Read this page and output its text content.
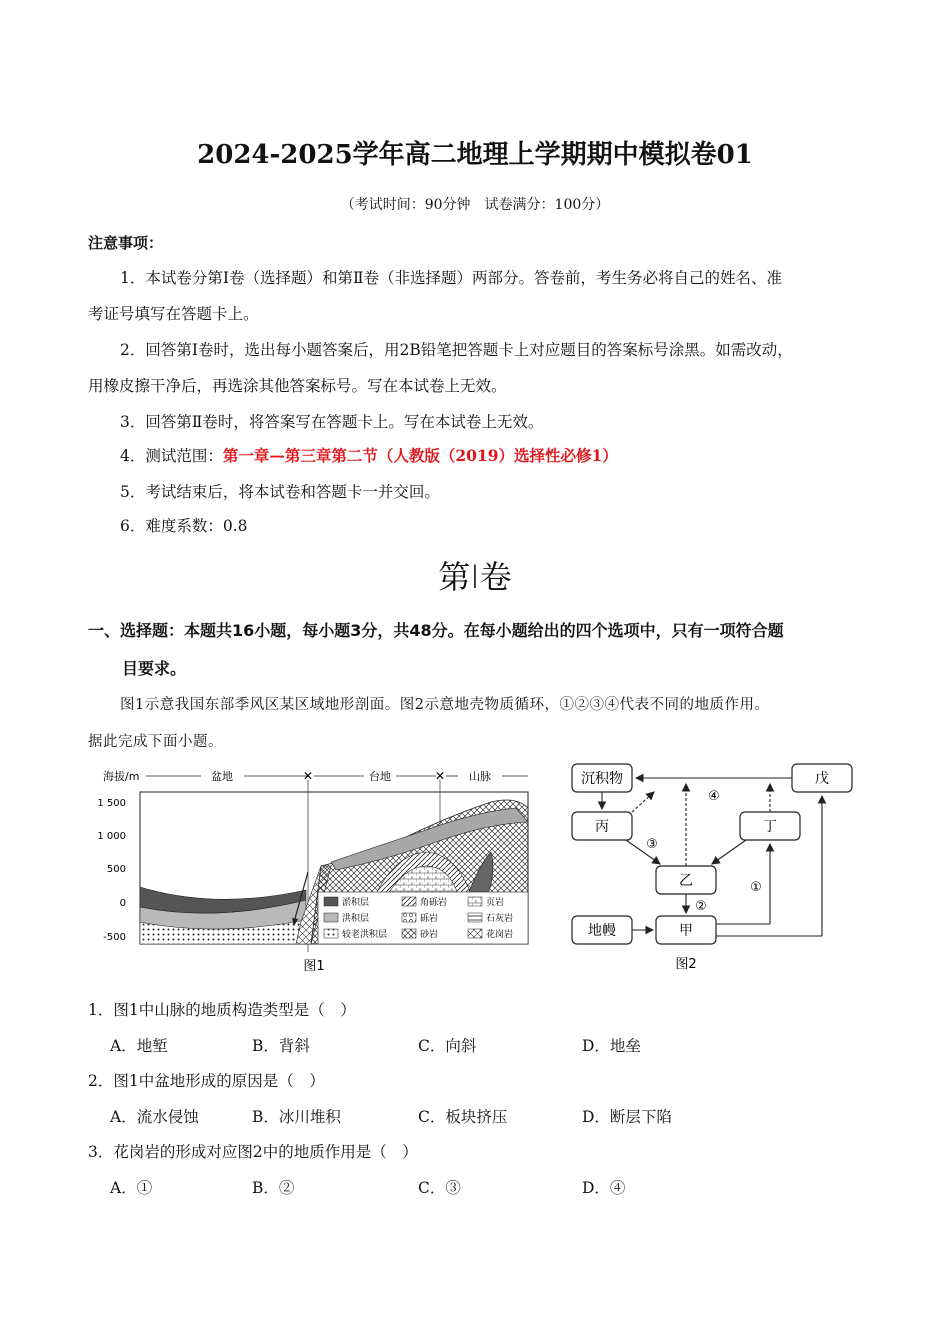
2024-2025学年高二地理上学期期中模拟卷01
（考试时间：90分钟　试卷满分：100分）
注意事项：
1．本试卷分第Ⅰ卷（选择题）和第Ⅱ卷（非选择题）两部分。答卷前，考生务必将自己的姓名、准
考证号填写在答题卡上。
2．回答第Ⅰ卷时，选出每小题答案后，用2B铅笔把答题卡上对应题目的答案标号涂黑。如需改动，
用橡皮擦干净后，再选涂其他答案标号。写在本试卷上无效。
3．回答第Ⅱ卷时，将答案写在答题卡上。写在本试卷上无效。
4．测试范围：第一章—第三章第二节（人教版（2019）选择性必修1）
5．考试结束后，将本试卷和答题卡一并交回。
6．难度系数：0.8
第Ⅰ卷
一、选择题：本题共16小题，每小题3分，共48分。在每小题给出的四个选项中，只有一项符合题
目要求。
图1示意我国东部季风区某区域地形剖面。图2示意地壳物质循环，①②③④代表不同的地质作用。
据此完成下面小题。
海拔/m
1 500
1 000
500
0
-500
盆地	✕	台地	✕ 山脉
淤积层	角砾岩	页岩
洪积层	砾岩	石灰岩
较老洪积层	砂岩	花岗岩
图1
沉积物	戊
丙	丁
乙
地幔	甲
④
③
②
①
图2
1．图1中山脉的地质构造类型是（　）
A．地堑	B．背斜	C．向斜	D．地垒
2．图1中盆地形成的原因是（　）
A．流水侵蚀	B．冰川堆积	C．板块挤压	D．断层下陷
3．花岗岩的形成对应图2中的地质作用是（　）
A．①	B．②	C．③	D．④
